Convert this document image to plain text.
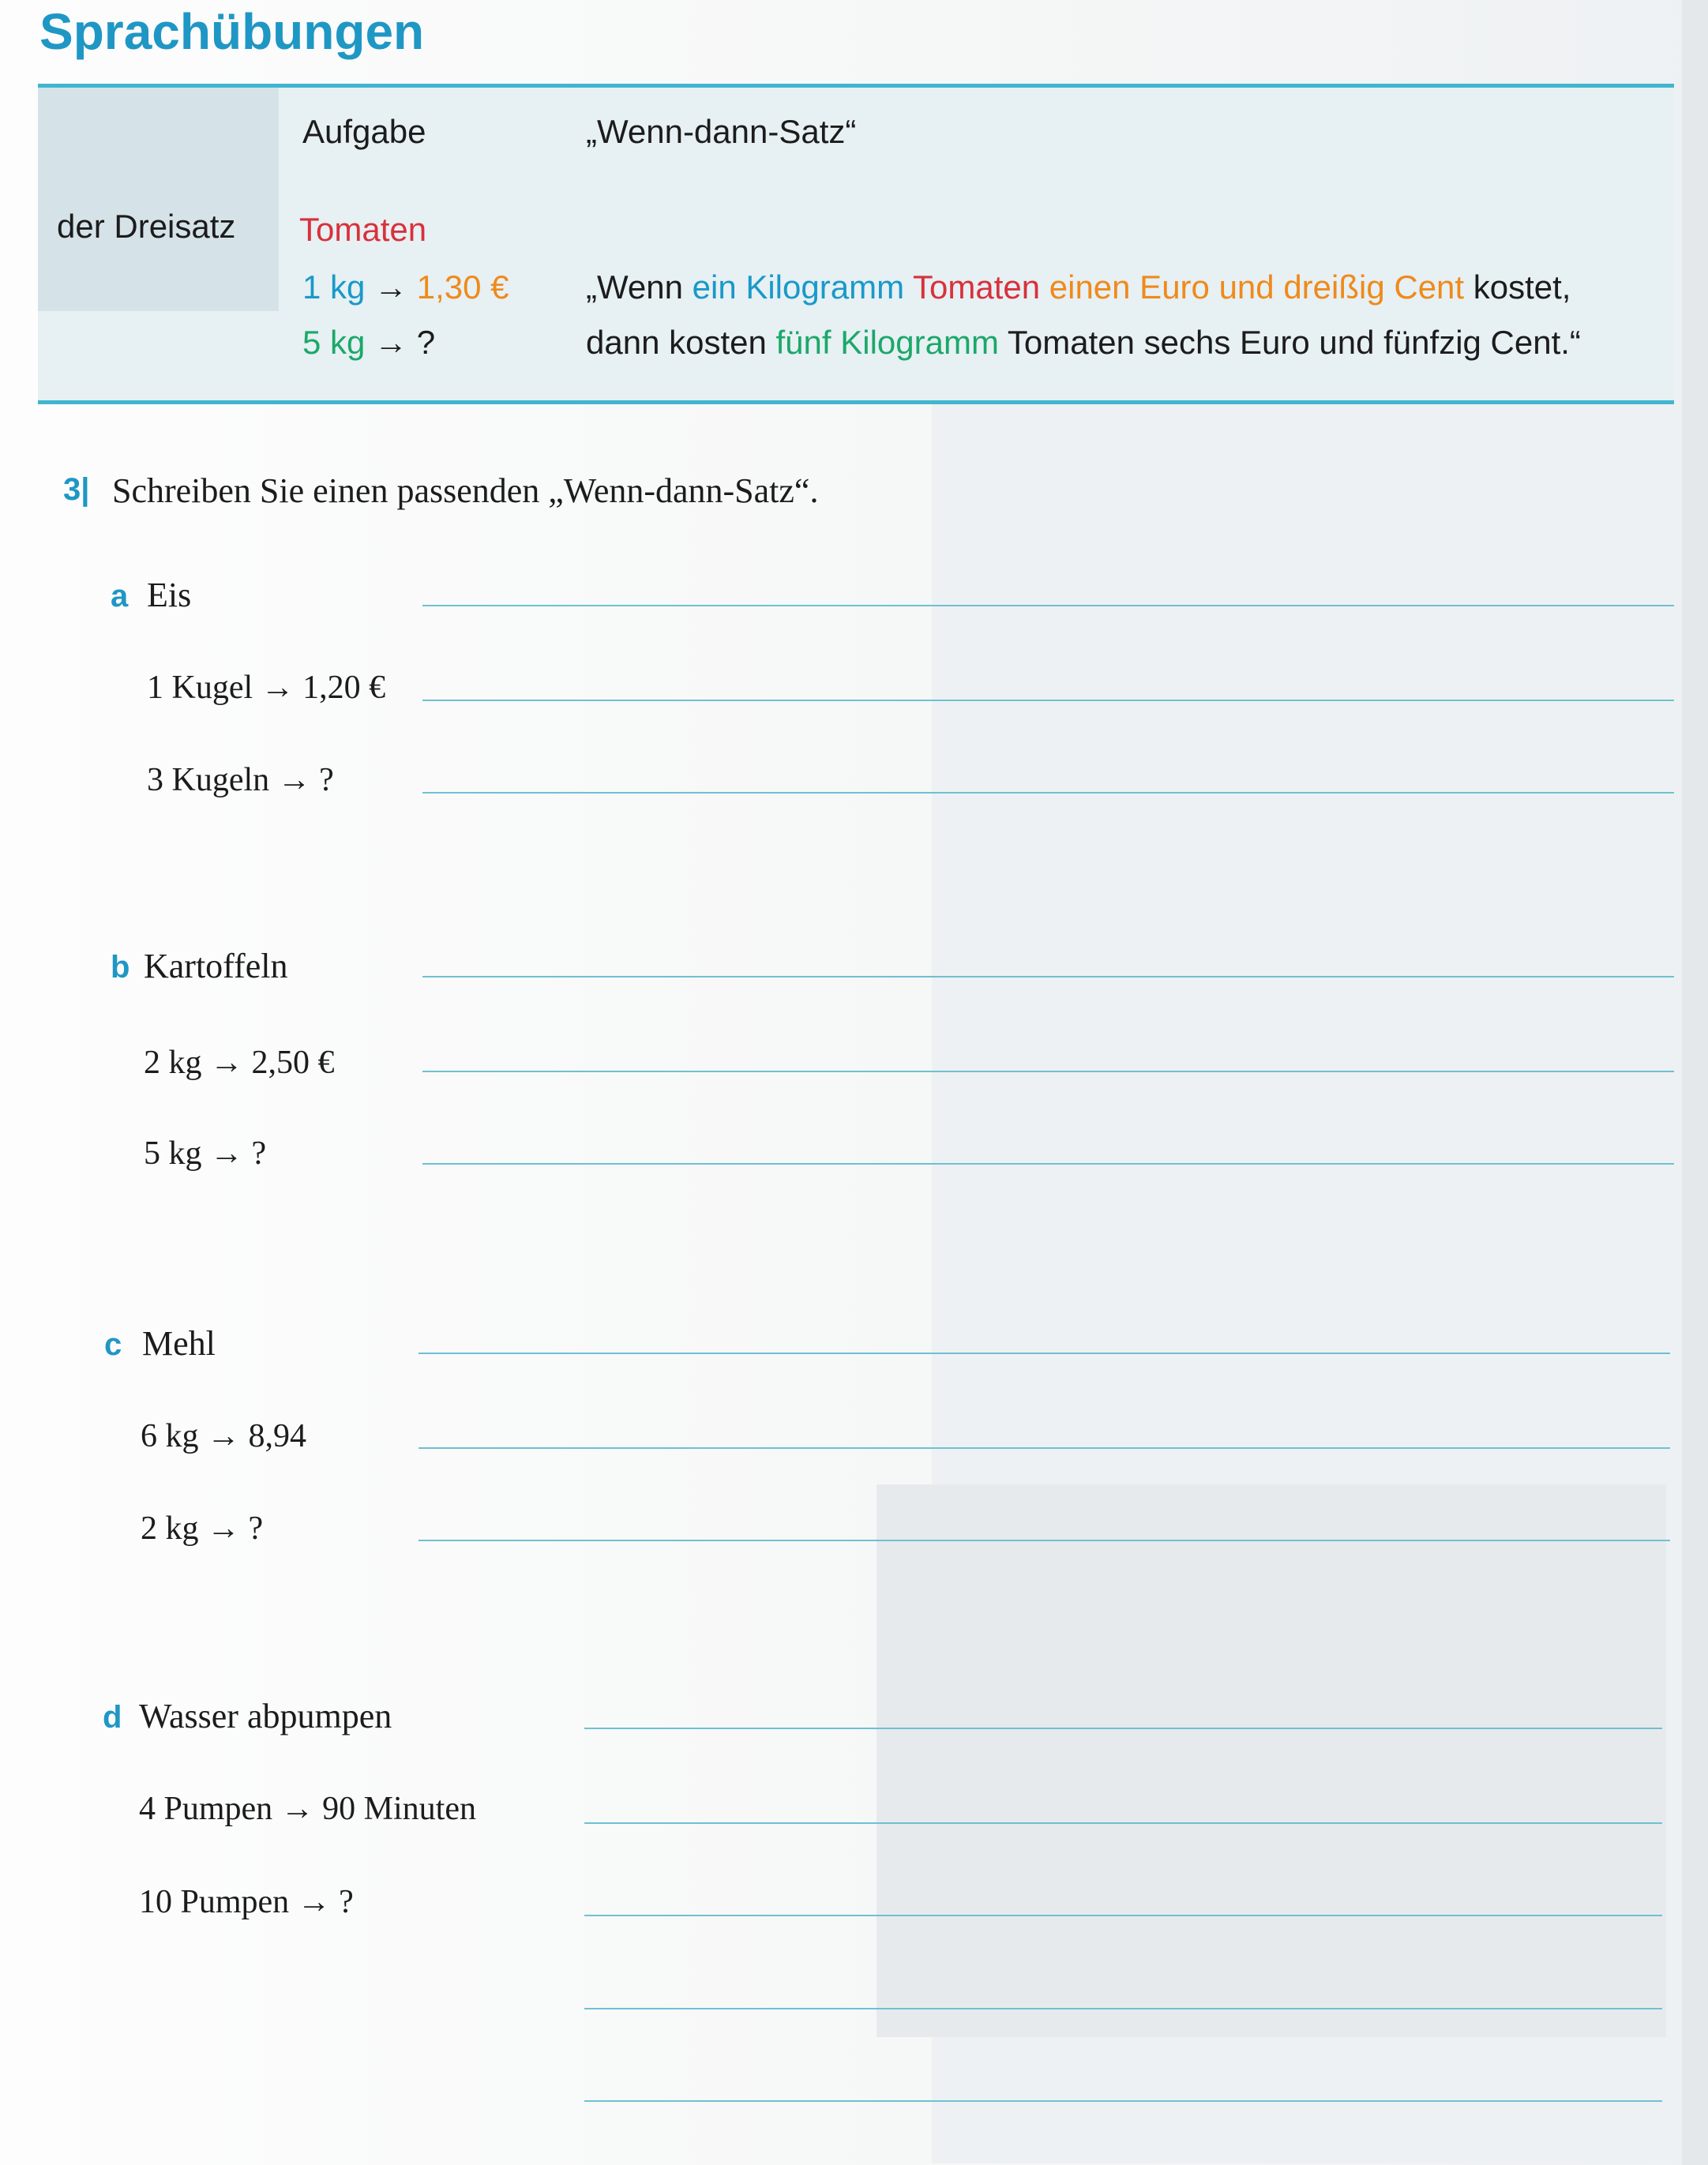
Sprachübungen
Aufgabe	„Wenn-dann-Satz“
der Dreisatz Tomaten
1 kg → 1,30 €
5 kg → ?
„Wenn ein Kilogramm Tomaten einen Euro und dreißig Cent kostet,
dann kosten fünf Kilogramm Tomaten sechs Euro und fünfzig Cent.“
3| Schreiben Sie einen passenden „Wenn-dann-Satz“.
a Eis
1 Kugel → 1,20 €
3 Kugeln → ?
b Kartoffeln
2 kg → 2,50 €
5 kg → ?
c Mehl
6 kg → 8,94
2 kg → ?
d Wasser abpumpen
4 Pumpen → 90 Minuten
10 Pumpen → ?
